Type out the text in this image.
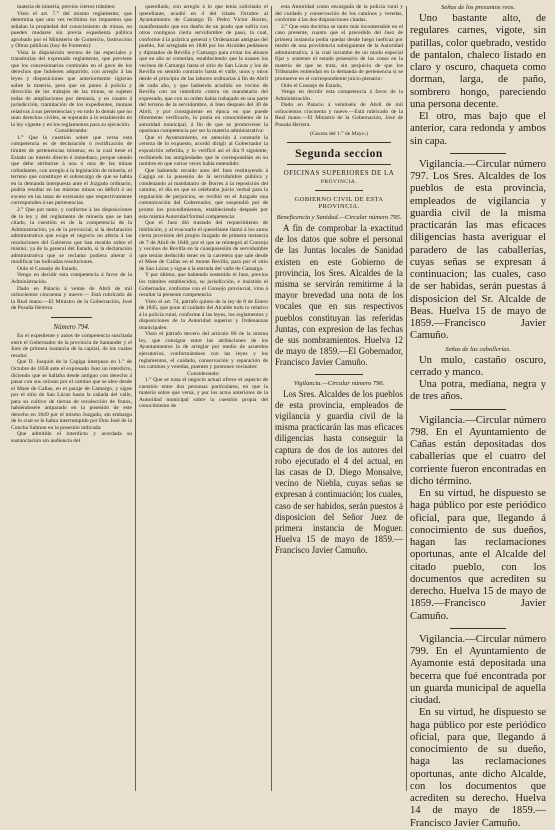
materia de minería, previos ciertos trámites:

Visto el art. 7.° del mismo reglamento; que determina que uno ves recibidos los impuestos que señalan la propiedad del conocimiento de minas, no pueden mudarse sin previa expedienta pública aprobado por el Ministerio de Comercio, Instrucción y Obras públicas (hoy de Fomento):

Vista la disposición tercera de las especiales y transitorias del expresado reglamento, que previene que los concesionarios continúen en el goce de los derechos que hubieren adquirido, con arreglo á las leyes y disposiciones que anteriormente rigieran sobre la materia, pero que en punto á policía y dirección de los trabajos de las minas, se sujeten todas de ampliaciones por demasía, y en cuanto á jurisdicción, tramitación de los expedientes, mutuas relativas á sus pertenencias y en todo lo demás que no sean derechos civiles, se sujetarán á lo establecido en la ley vigente y en los reglamentos para su ejecución.

Considerando:

1.° Que la cuestión sobre que versa esta competencia es de declaración ó rectificación de límites de pertenencias mineras, en la cual tiene el Estado un interés directo é inmediato, porque siendo que debe atribuirse á una ú otra de las minas colindantes, con arreglo á la legislación de minería, el terreno que constituye el sobrecargo de que se habla en la demanda interpuesta ante el Juzgado ordinario, podría resultar en las mismas minas un déficit ó un exceso en las tasas de extensión que respectivamente corresponden á sus pertenencias.

2.° Que por tanto, y conforme á las disposiciones de la ley y del reglamento de minería que se han citado, la cuestión es de la competencia de la Administración, ya de la provincial, si la declaración administrativa que exige el negocio no afecta á las resoluciones del Gobierno que han recaído sobre el mismo; ya de la general del Estado, si la declaración administrativa que se reclama pudiera alterar ó modificar las indicadas resoluciones.

Oído el Consejo de Estado,

Vengo en decidir esta competencia á favor de la Administración.

Dado en Palacio á veinte de Abril de mil ochocientos cincuenta y nueve.— Está rubricado de la Real mano.—El Ministro de la Gobernación, José de Posada Herrera.

Número 794.

En el expediente y autos de competencia suscitada entre el Gobernador de la provincia de Santander y el Juez de primera instancia de la capital, de los cuales resulta:

Que D. Joaquín de la Cagiga interpuso en 1.° de Octubre de 1858 ante el expresado Juez un interdicto, diciendo que se hallaba desde antiguo con derecho á pasar con sus celosas por el camino que se abre desde el Mase de Callas, en el paraje de Camargo, y sigue por el sitio de San Lúcas hasta la cañada del valle, para su cultivo de tierras de recolección de frutos, habiéndosele amparado en la posesión de este derecho en 1849 por el mismo Juzgado, sin embargo de lo cual se le había interrumpido por Don José de la Concha Salmon en la posesión indicada:

Que admitido el interdicto y acordada su sustanciación sin audiencia del

querellado, con arreglo á lo que tenía solicitado el querellante, acudió en 4 del citado Octubre al Ayuntamiento de Camargo D. Pedro Víctor Borres, manifestando que era dueño de un prado que sufría con otros contiguos cierta servidumbre de paso, la cual, conforme á la práctica general y Ordenanzas antiguas del pueblo, fué arreglada en 1840 por los Alcaldes pedáneos y diputados de Revilla y Camargo para evitar los abusos que en año se cometían, estableciendo que la usasen los vecinos de Camargo hasta el sitio de San Lúcas y los de Revilla en sentido contrario hasta el valle, unos y otros desde el principio de las labores ordinarias á fin de Abril de cada año, y que habiendo acudido un vecino de Revilla con un interdicto contra un mandatario del expresado, que con su orden había trabajado en una parte del terreno de la servidumbre, si bien después del 30 de Abril, y por consiguiente en época en que puede libremente verificarlo, lo ponía en conocimiento de la autoridad municipal, á fin de que se promoviese la oportuna competencia por ser la materia administrativa:

Que el Ayuntamiento, en atención á constarle la certeza de lo expuesto, acordó dirigir al Gobernador la exposición referida, y lo verificó así el día 9 siguiente, recibiendo las antigüedades que le correspondían en su nombre en que varios veces había entendido:

Que habiendo recaído auto del Juez restituyendo á Cagiga en la posesión de la servidumbre pública y condenando al mandatario de Borres á la reposición del camino, el día en que se celebraba juicio verbal para la regulación de perjuicios, se recibió en el Juzgado una comunicación del Gobernador, que suspendió por de pronto los procedimientos, estableciendo después por esta misma Autoridad formal competencia:

Que el Juez dió traslado del requerimiento de inhibición, y al evacuarlo el querellante llamó á los autos cierta provisión del propio Juzgado de primera instancia de 7 de Abril de 1840, por el que se reintegró al Concejo y vecinos de Revilla en la cuasiposesión de servidumbre que tenían deducido tener en la carretera que sale desde el Mase de Callas en el monte Revilla, para por el sitio de San Lúcas y sigue á la entrada del valle de Camargo.

Y por último, que habiendo sostenido el Juez, previos los trámites establecidos, su jurisdicción, e insistido el Gobernador, conforme con el Consejo provincial, vino á resultar la presente competencia:

Visto el art. 74, párrafo quinto de la ley de 8 de Enero de 1845, que pone al cuidado del Alcalde todo lo relativo á la policía rural, conforme á las leyes, los reglamentos y disposiciones de la Autoridad superior y Ordenanzas municipales:

Visto el párrafo tercero del artículo 80 de la misma ley, que consigna entre las atribuciones de los Ayuntamientos la de arreglar por medio de acuerdos ejecutorios, conformándose con las leyes y los reglamentos, el cuidado, conservación y reparación de los caminos y veredas, puentes y pontones vecinales:

Considerando:

1.° Que se trata el negocio actual ofrece el aspecto de cuestión entre dos personas particulares, en que la materia sobre que versa, y por los actos anteriores de la Autoridad municipal sobre la cuestión propia del conocimiento de

esta Autoridad como encargada de la policía rural y del cuidado y conservación de los caminos y veredas, conforme á las dos disposiciones citadas.

2.° Que esta doctrina se tanto más incontestable en el caso presente, cuanto que el precedido del Juez de primera instancia podía quedar desde luego ineficaz por medio de una providencia subsiguiente de la Autoridad administrativa, á la cual incumbe de un modo especial fijar y sostener el estado posesorio de las cosas en la materia de que se trata, sin perjuicio de que los Tribunales entiendan en la demanda de pertenencia si se promueve en el correspondiente juicio plenario:

Oído el Consejo de Estado,

Vengo en decidir esta competencia á favor de la Administración.

Dado en Palacio á veintiséis de Abril de mil ochocientos cincuenta y nueve.—Está rubricado de la Real mano.—El Ministro de la Gobernación, José de Posada Herrera.

(Gaceta del 1.° de Mayo.)

Segunda seccion
OFICINAS SUPERIORES DE LA
PROVINCIA.
GOBIERNO CIVIL DE ESTA PROVINCIA.
Beneficencia y Sanidad.—Circular número 795.

A fin de comprobar la exactitud de los datos que sobre el personal de las Juntas locales de Sanidad existen en este Gobierno de provincia, los Sres. Alcaldes de la misma se servirán remitirme á la mayor brevedad una nota de los vocales que en sus respectivos pueblos constituyan las referidas Juntas, con expresion de las fechas de sus nombramientos. Huelva 12 de mayo de 1859.—El Gobernador, Francisco Javier Camuño.

Vigilancia.—Circular número 796.

Los Sres. Alcaldes de los pueblos de esta provincia, empleados de vigilancia y guardia civil de la misma practicarán las mas eficaces diligencias hasta conseguir la captura de dos de los autores del robo ejecutado el 4 del actual, en las casas de D. Diego Monsalve, vecino de Niebla, cuyas señas se expresan á continuación; los cuales, caso de ser habidos, serán puestos á disposicion del Señor Juez de primera instancia de Moguer. Huelva 15 de mayo de 1859.—Francisco Javier Camuño.

Señas de los presuntos reos.

Uno bastante alto, de regulares carnes, vigote, sin patillas, color quebrado, vestido de pantalon, chaleco listado en claro y oscuro, chaqueta como dorman, larga, de paño, sombrero hongo, pareciendo una persona decente.

El otro, mas bajo que el anterior, cara redonda y ambos sin capa.

Vigilancia.—Circular número 797. Los Sres. Alcaldes de los pueblos de esta provincia, empleados de vigilancia y guardia civil de la misma practicarán las mas eficaces diligencias hasta averiguar el paradero de las caballerías, cuyas señas se expresan á continuacion; las cuales, caso de ser habidas, serán puestas á disposicion del Sr. Alcalde de Beas. Huelva 15 de mayo de 1859.—Francisco Javier Camuño.

Señas de las caballerías.

Un mulo, castaño oscuro, cerrado y manco.

Una potra, mediana, negra y de tres años.

Vigilancia.—Circular número 798. En el Ayuntamiento de Cañas están depositadas dos caballerías que el cuatro del corriente fueron encontradas en dicho término.

En su virtud, he dispuesto se haga público por este periódico oficial, para que, llegando á conocimiento de sus dueños, hagan las reclamaciones oportunas, ante el Alcalde del citado pueblo, con los documentos que acrediten su derecho. Huelva 15 de mayo de 1859.—Francisco Javier Camuño.

Vigilancia.—Circular número 799. En el Ayuntamiento de Ayamonte está depositada una becerra que fué encontrada por un guarda municipal de aquella ciudad.

En su virtud, he dispuesto se haga público por este periódico oficial, para que, llegando á conocimiento de su dueño, haga las reclamaciones oportunas, ante dicho Alcalde, con los documentos que acrediten su derecho. Huelva 14 de mayo de 1859.—Francisco Javier Camuño.
